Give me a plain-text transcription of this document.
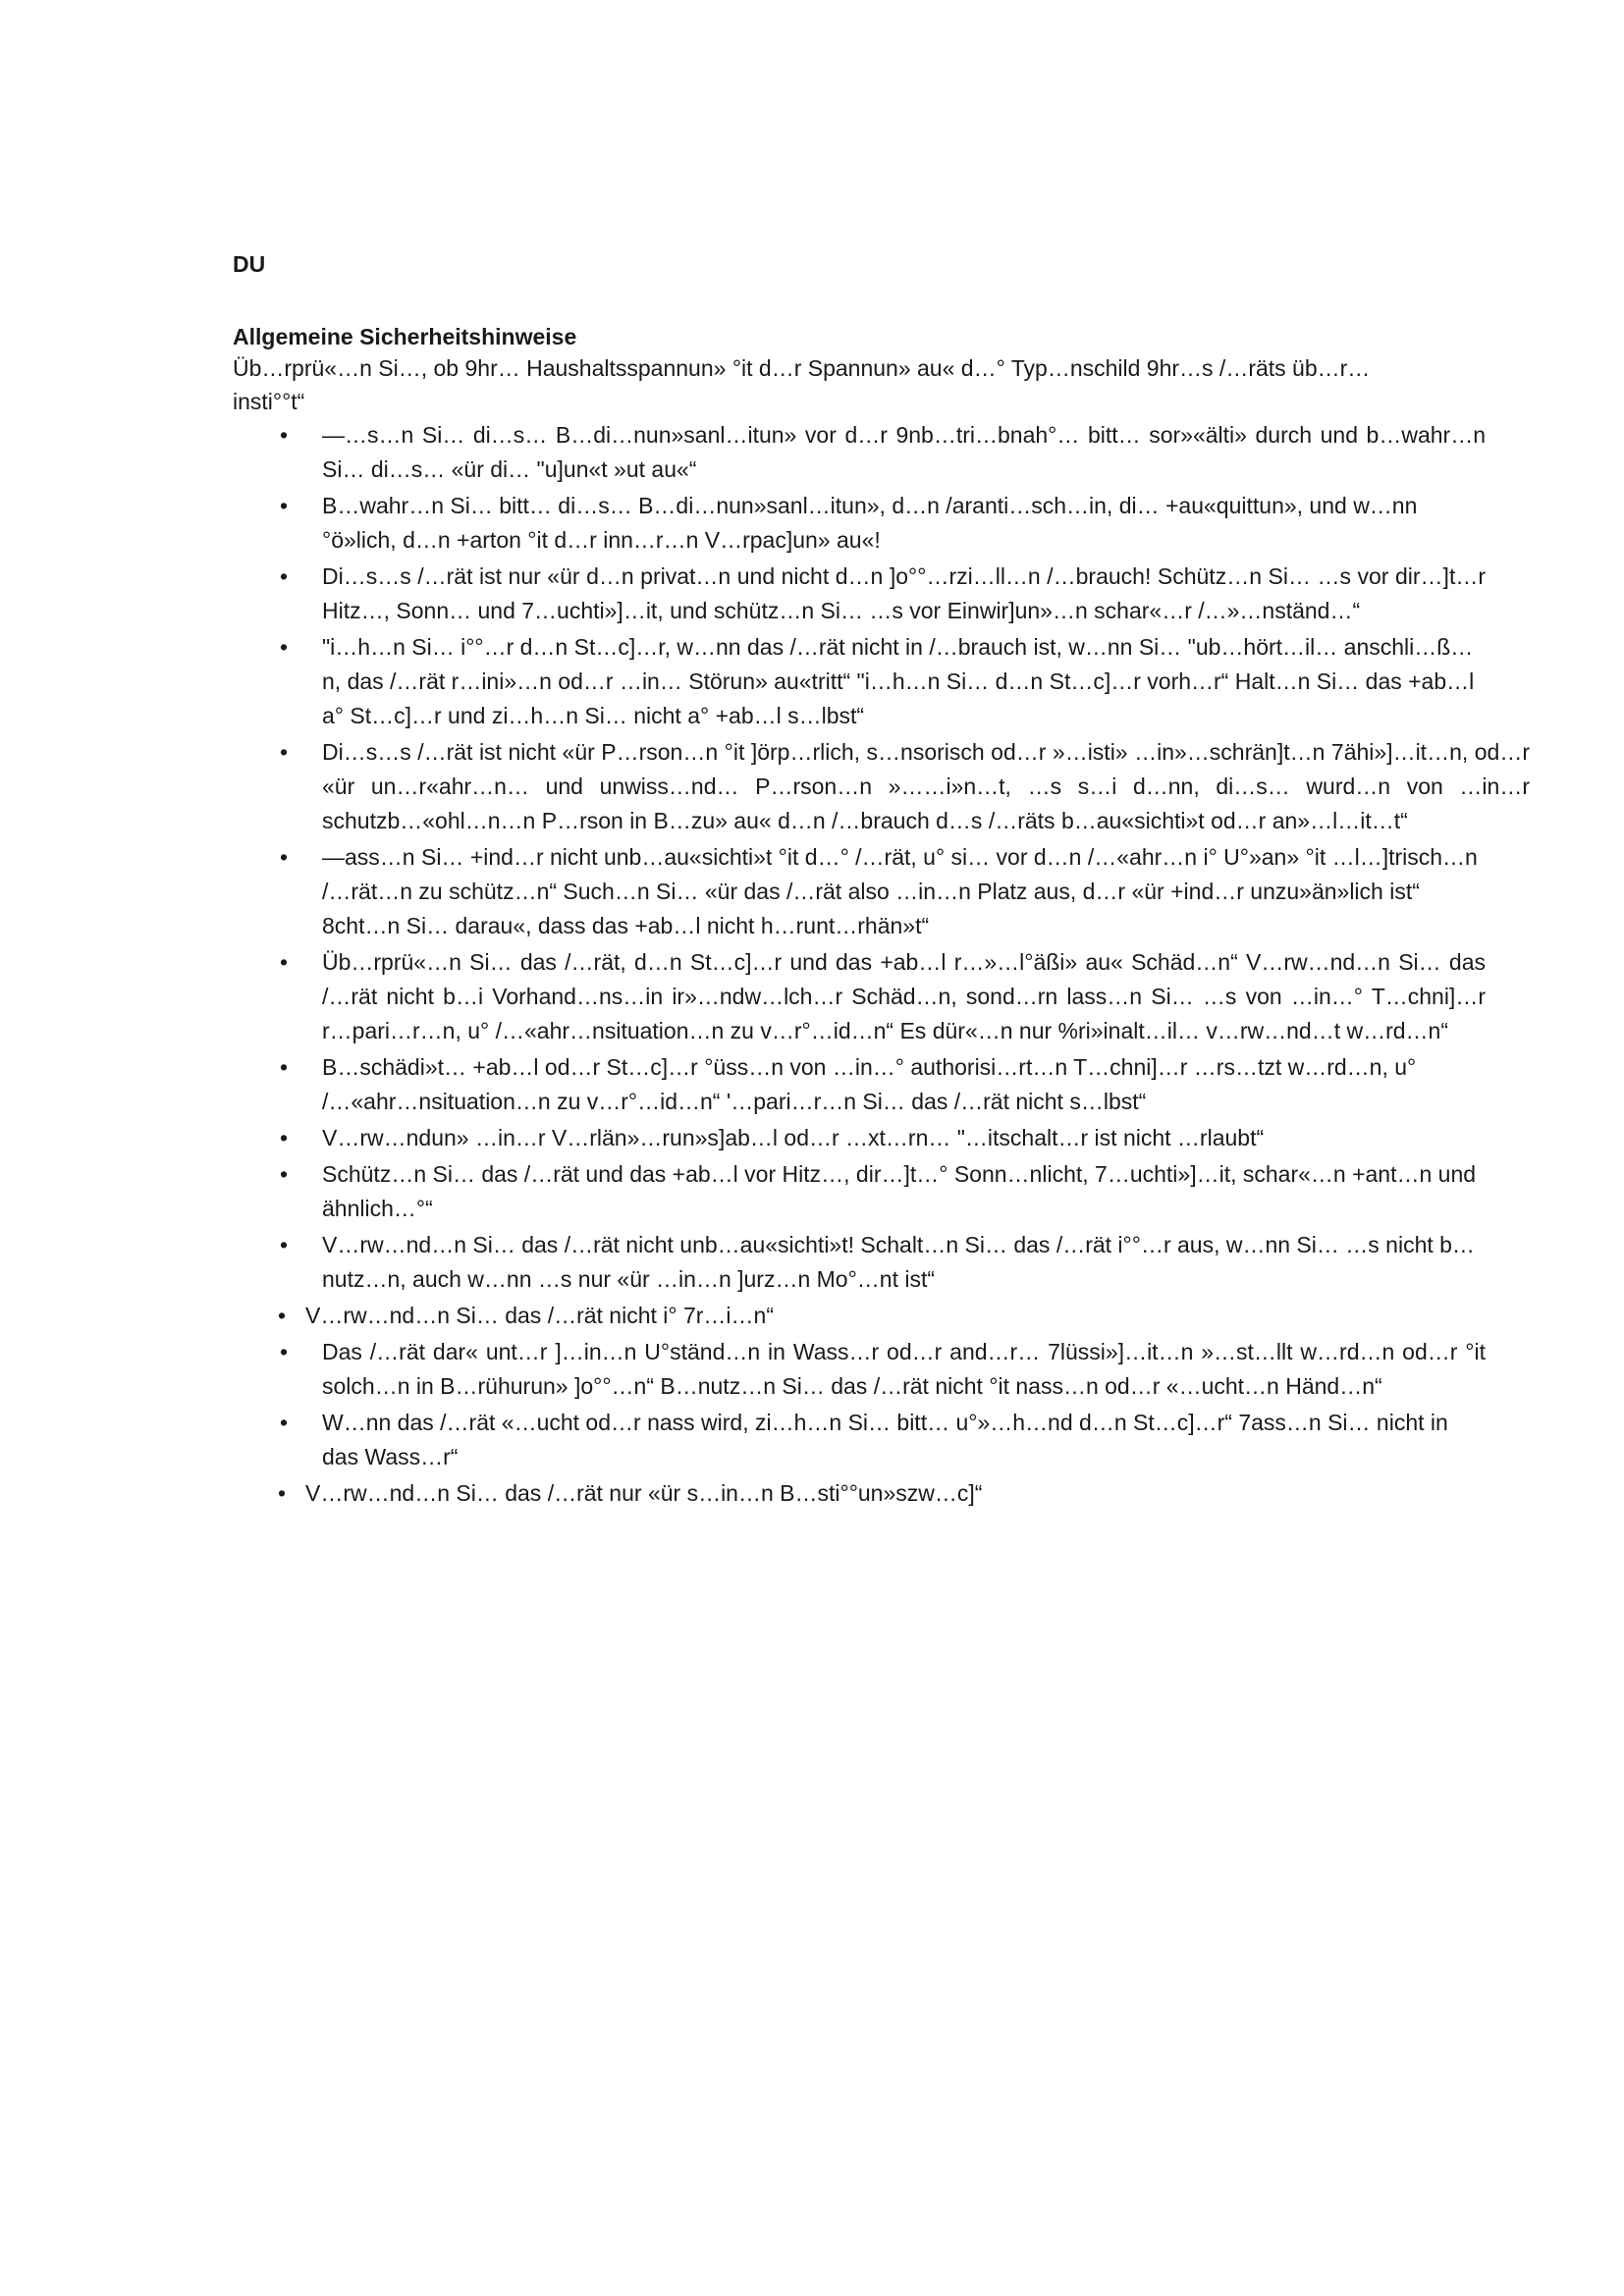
DU

Allgemeine Sicherheitshinweise

Üb…rprü«…n Si…, ob 9hr… Haushaltsspannun» °it d…r Spannun» au« d…° Typ…nschild 9hr…s /…räts üb…r…insti°°t“

• —…s…n Si… di…s… B…di…nun»sanl…itun» vor d…r 9nb…tri…bnah°… bitt… sor»«älti» durch und b…wahr…n Si… di…s… «ür di… "u]un«t »ut au«“
• B…wahr…n Si… bitt… di…s… B…di…nun»sanl…itun», d…n /aranti…sch…in, di… +au«quittun», und w…nn °ö»lich, d…n +arton °it d…r inn…r…n V…rpac]un» au«!
• Di…s…s /…rät ist nur «ür d…n privat…n und nicht d…n ]o°°…rzi…ll…n /…brauch! Schütz…n Si… …s vor dir…]t…r Hitz…, Sonn… und 7…uchti»]…it, und schütz…n Si… …s vor Einwir]un»…n schar«…r /…»…nständ…“
• "i…h…n Si… i°°…r d…n St…c]…r, w…nn das /…rät nicht in /…brauch ist, w…nn Si… "ub…hört…il… anschli…ß…n, das /…rät r…ini»…n od…r …in… Störun» au«tritt“ "i…h…n Si… d…n St…c]…r vorh…r“ Halt…n Si… das +ab…l a° St…c]…r und zi…h…n Si… nicht a° +ab…l s…lbst“
• Di…s…s /…rät ist nicht «ür P…rson…n °it ]örp…rlich, s…nsorisch od…r »…isti» …in»…schrän]t…n 7ähi»]…it…n, od…r «ür un…r«ahr…n… und unwiss…nd… P…rson…n »……i»n…t, …s s…i d…nn, di…s… wurd…n von …in…r schutzb…«ohl…n…n P…rson in B…zu» au« d…n /…brauch d…s /…räts b…au«sichti»t od…r an»…l…it…t“
• —ass…n Si… +ind…r nicht unb…au«sichti»t °it d…° /…rät, u° si… vor d…n /…«ahr…n i° U°»an» °it …l…]trisch…n /…rät…n zu schütz…n“ Such…n Si… «ür das /…rät also …in…n Platz aus, d…r «ür +ind…r unzu»än»lich ist“ 8cht…n Si… darau«, dass das +ab…l nicht h…runt…rhän»t“
• Üb…rprü«…n Si… das /…rät, d…n St…c]…r und das +ab…l r…»…l°äßi» au« Schäd…n“ V…rw…nd…n Si… das /…rät nicht b…i Vorhand…ns…in ir»…ndw…lch…r Schäd…n, sond…rn lass…n Si… …s von …in…° T…chni]…r r…pari…r…n, u° /…«ahr…nsituation…n zu v…r°…id…n“ Es dür«…n nur %ri»inalt…il… v…rw…nd…t w…rd…n“
• B…schädi»t… +ab…l od…r St…c]…r °üss…n von …in…° authorisi…rt…n T…chni]…r …rs…tzt w…rd…n, u° /…«ahr…nsituation…n zu v…r°…id…n“ '…pari…r…n Si… das /…rät nicht s…lbst“
• V…rw…ndun» …in…r V…rlän»…run»s]ab…l od…r …xt…rn… "…itschalt…r ist nicht …rlaubt“
• Schütz…n Si… das /…rät und das +ab…l vor Hitz…, dir…]t…° Sonn…nlicht, 7…uchti»]…it, schar«…n +ant…n und ähnlich…°“
• V…rw…nd…n Si… das /…rät nicht unb…au«sichti»t! Schalt…n Si… das /…rät i°°…r aus, w…nn Si… …s nicht b…nutz…n, auch w…nn …s nur «ür …in…n ]urz…n Mo°…nt ist“
• V…rw…nd…n Si… das /…rät nicht i° 7r…i…n“
• Das /…rät dar« unt…r ]…in…n U°ständ…n in Wass…r od…r and…r… 7lüssi»]…it…n »…st…llt w…rd…n od…r °it solch…n in B…rühurun» ]o°°…n“ B…nutz…n Si… das /…rät nicht °it nass…n od…r «…ucht…n Händ…n“
• W…nn das /…rät «…ucht od…r nass wird, zi…h…n Si… bitt… u°»…h…nd d…n St…c]…r“ 7ass…n Si… nicht in das Wass…r“
• V…rw…nd…n Si… das /…rät nur «ür s…in…n B…sti°°un»szw…c]“
